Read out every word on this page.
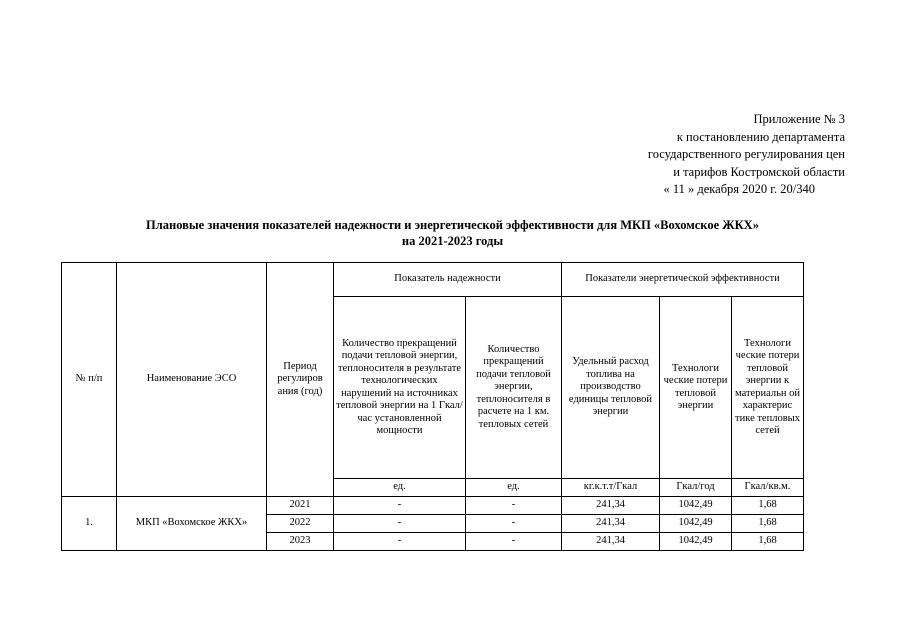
Приложение № 3
к постановлению департамента
государственного регулирования цен
и тарифов Костромской области
« 11 » декабря 2020 г. 20/340
Плановые значения показателей надежности и энергетической эффективности для МКП «Вохомское ЖКХ»
на 2021-2023 годы
№ п/п	Наименование ЭСО	Период регулиров ания (год)	Показатель надежности		Показатели энергетической эффективности		
			Количество прекращений подачи тепловой энергии, теплоносителя в результате технологических нарушений на источниках тепловой энергии на 1 Гкал/час установленной мощности	Количество прекращений подачи тепловой энергии, теплоносителя в расчете на 1 км. тепловых сетей	Удельный расход топлива на производство единицы тепловой энергии	Технологи ческие потери тепловой энергии	Технологи ческие потери тепловой энергии к материальн ой характерис тике тепловых сетей
			ед.	ед.	кг.к.т.т/Гкал	Гкал/год	Гкал/кв.м.
1.	МКП «Вохомское ЖКХ»	2021	-	-	241,34	1042,49	1,68
		2022	-	-	241,34	1042,49	1,68
		2023	-	-	241,34	1042,49	1,68
